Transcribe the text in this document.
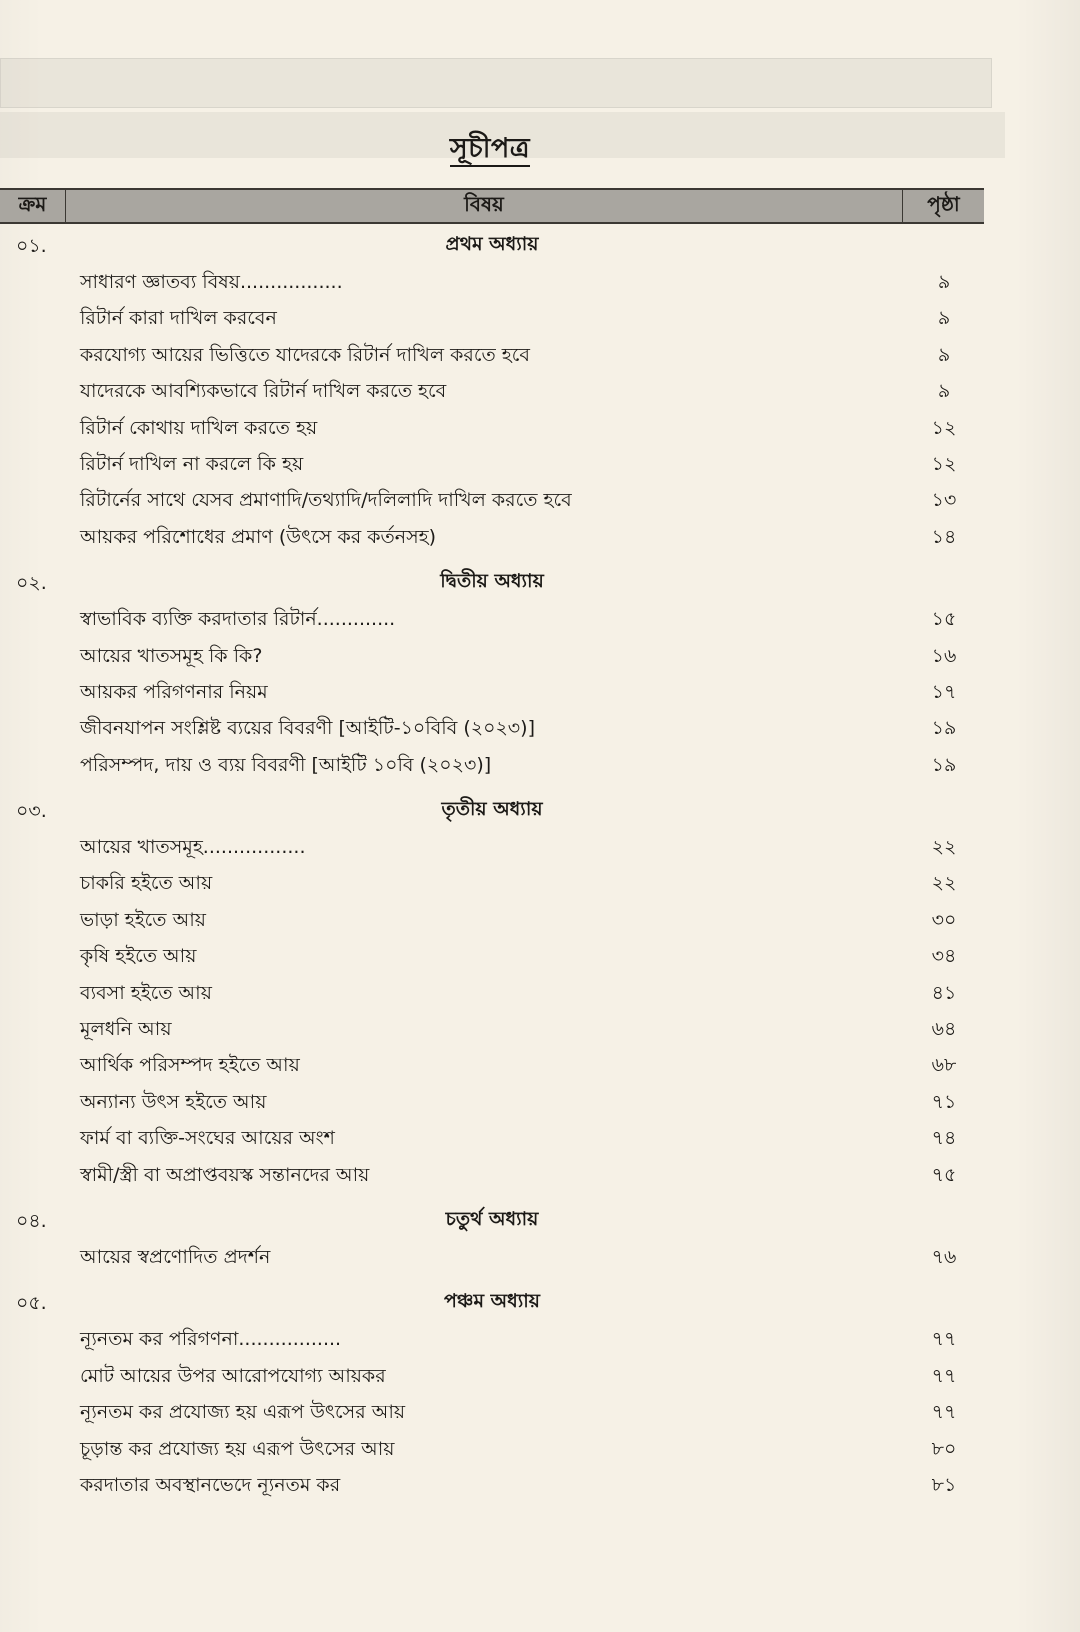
সূচীপত্র
ক্রম	বিষয়	পৃষ্ঠা
০১.	প্রথম অধ্যায়
সাধারণ জ্ঞাতব্য বিষয়.................	৯
রিটার্ন কারা দাখিল করবেন	৯
করযোগ্য আয়ের ভিত্তিতে যাদেরকে রিটার্ন দাখিল করতে হবে	৯
যাদেরকে আবশ্যিকভাবে রিটার্ন দাখিল করতে হবে	৯
রিটার্ন কোথায় দাখিল করতে হয়	১২
রিটার্ন দাখিল না করলে কি হয়	১২
রিটার্নের সাথে যেসব প্রমাণাদি/তথ্যাদি/দলিলাদি দাখিল করতে হবে	১৩
আয়কর পরিশোধের প্রমাণ (উৎসে কর কর্তনসহ)	১৪
০২.	দ্বিতীয় অধ্যায়
স্বাভাবিক ব্যক্তি করদাতার রিটার্ন.............	১৫
আয়ের খাতসমূহ কি কি?	১৬
আয়কর পরিগণনার নিয়ম	১৭
জীবনযাপন সংশ্লিষ্ট ব্যয়ের বিবরণী [আইটি-১০বিবি (২০২৩)]	১৯
পরিসম্পদ, দায় ও ব্যয় বিবরণী [আইটি ১০বি (২০২৩)]	১৯
০৩.	তৃতীয় অধ্যায়
আয়ের খাতসমূহ.................	২২
চাকরি হইতে আয়	২২
ভাড়া হইতে আয়	৩০
কৃষি হইতে আয়	৩৪
ব্যবসা হইতে আয়	৪১
মূলধনি আয়	৬৪
আর্থিক পরিসম্পদ হইতে আয়	৬৮
অন্যান্য উৎস হইতে আয়	৭১
ফার্ম বা ব্যক্তি-সংঘের আয়ের অংশ	৭৪
স্বামী/স্ত্রী বা অপ্রাপ্তবয়স্ক সন্তানদের আয়	৭৫
০৪.	চতুর্থ অধ্যায়
আয়ের স্বপ্রণোদিত প্রদর্শন	৭৬
০৫.	পঞ্চম অধ্যায়
ন্যূনতম কর পরিগণনা.................	৭৭
মোট আয়ের উপর আরোপযোগ্য আয়কর	৭৭
ন্যূনতম কর প্রযোজ্য হয় এরূপ উৎসের আয়	৭৭
চূড়ান্ত কর প্রযোজ্য হয় এরূপ উৎসের আয়	৮০
করদাতার অবস্থানভেদে ন্যূনতম কর	৮১
